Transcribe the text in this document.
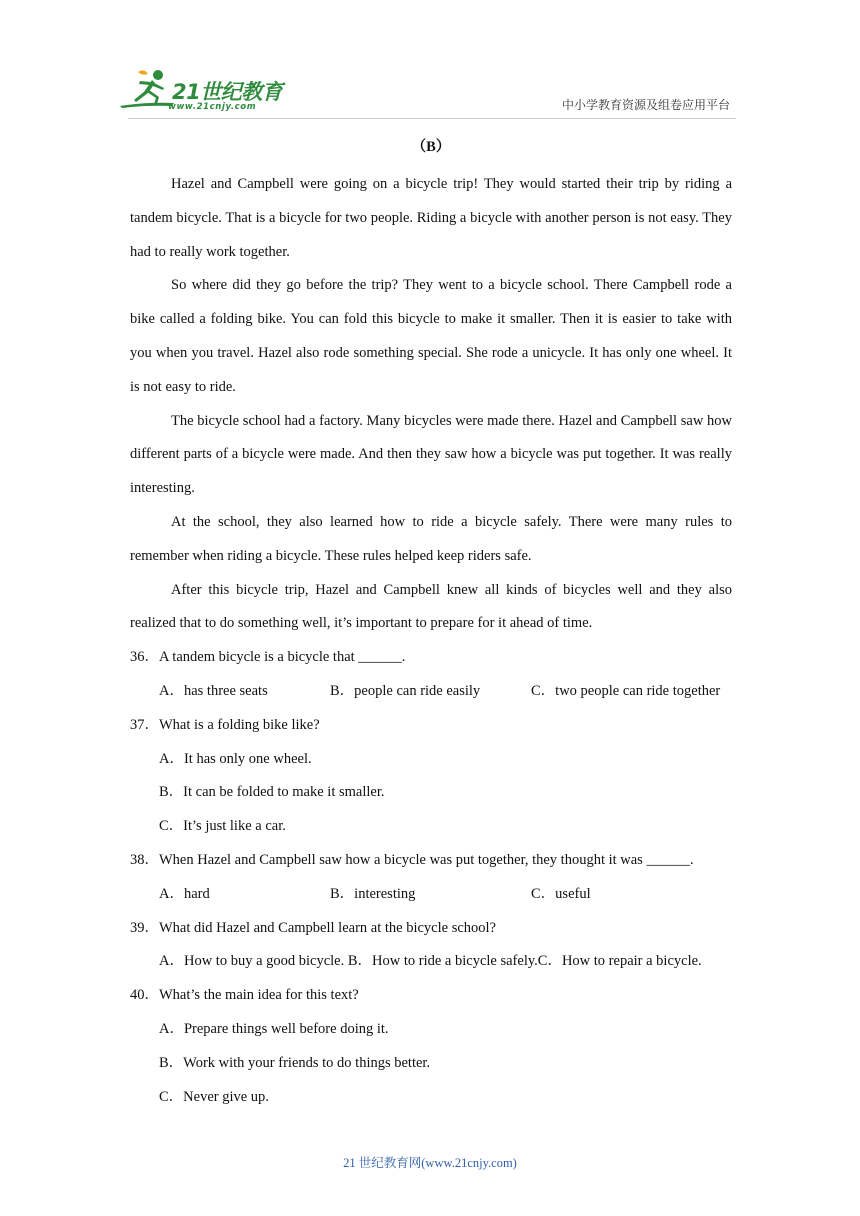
21世纪教育
www.21cnjy.com	中小学教育资源及组卷应用平台
（B）

Hazel and Campbell were going on a bicycle trip! They would started their trip by riding a tandem bicycle. That is a bicycle for two people. Riding a bicycle with another person is not easy. They had to really work together.

So where did they go before the trip? They went to a bicycle school. There Campbell rode a bike called a folding bike. You can fold this bicycle to make it smaller. Then it is easier to take with you when you travel. Hazel also rode something special. She rode a unicycle. It has only one wheel. It is not easy to ride.

The bicycle school had a factory. Many bicycles were made there. Hazel and Campbell saw how different parts of a bicycle were made. And then they saw how a bicycle was put together. It was really interesting.

At the school, they also learned how to ride a bicycle safely. There were many rules to remember when riding a bicycle. These rules helped keep riders safe.

After this bicycle trip, Hazel and Campbell knew all kinds of bicycles well and they also realized that to do something well, it’s important to prepare for it ahead of time.

36．A tandem bicycle is a bicycle that ______.

A．has three seats	B．people can ride easily	C．two people can ride together

37．What is a folding bike like?

A．It has only one wheel.

B．It can be folded to make it smaller.

C．It’s just like a car.

38．When Hazel and Campbell saw how a bicycle was put together, they thought it was ______.

A．hard	B．interesting	C．useful

39．What did Hazel and Campbell learn at the bicycle school?

A．How to buy a good bicycle. B．How to ride a bicycle safely.C．How to repair a bicycle.

40．What’s the main idea for this text?

A．Prepare things well before doing it.

B．Work with your friends to do things better.

C．Never give up.

21 世纪教育网(www.21cnjy.com)
